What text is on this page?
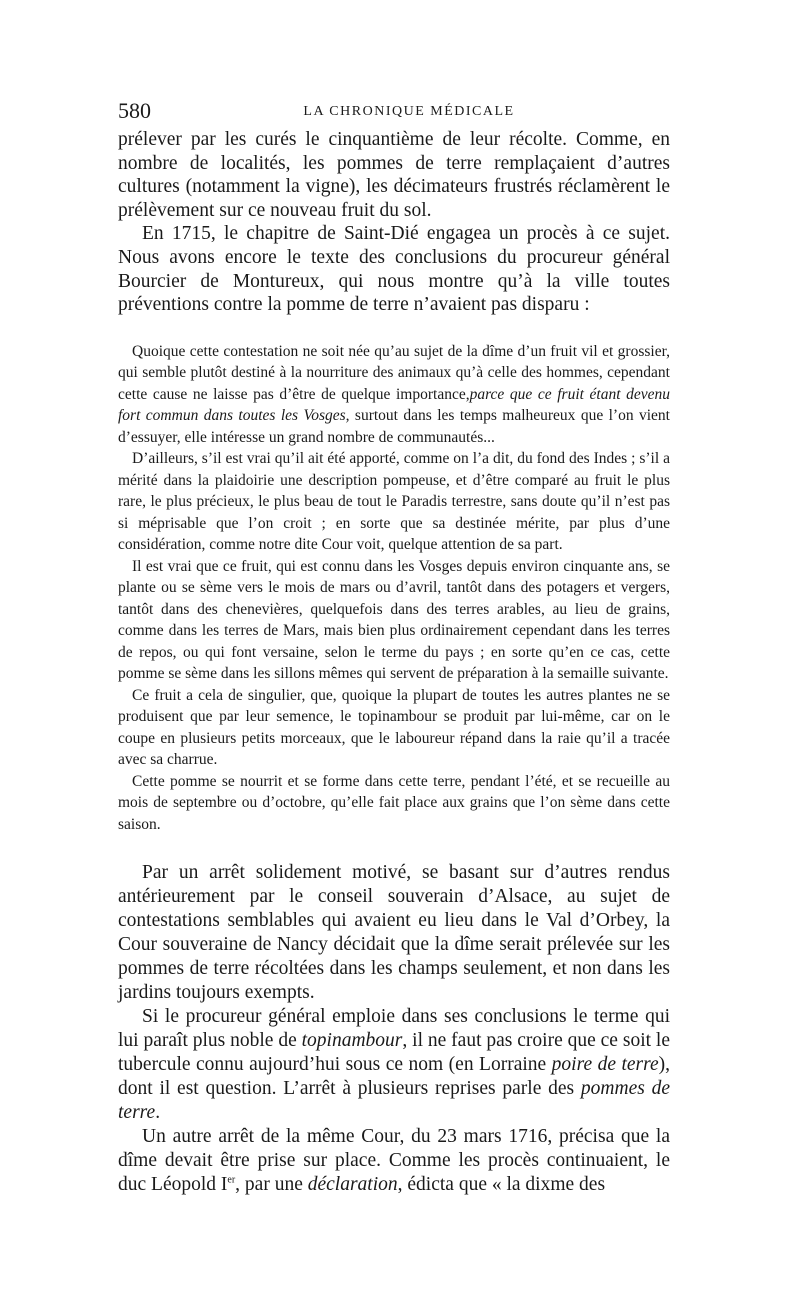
580	LA CHRONIQUE MÉDICALE

prélever par les curés le cinquantième de leur récolte. Comme, en nombre de localités, les pommes de terre remplaçaient d’autres cultures (notamment la vigne), les décimateurs frustrés réclamèrent le prélèvement sur ce nouveau fruit du sol.

En 1715, le chapitre de Saint-Dié engagea un procès à ce sujet. Nous avons encore le texte des conclusions du procureur général Bourcier de Montureux, qui nous montre qu’à la ville toutes préventions contre la pomme de terre n’avaient pas disparu :

Quoique cette contestation ne soit née qu’au sujet de la dîme d’un fruit vil et grossier, qui semble plutôt destiné à la nourriture des animaux qu’à celle des hommes, cependant cette cause ne laisse pas d’être de quelque importance,parce que ce fruit étant devenu fort commun dans toutes les Vosges, surtout dans les temps malheureux que l’on vient d’essuyer, elle intéresse un grand nombre de communautés...

D’ailleurs, s’il est vrai qu’il ait été apporté, comme on l’a dit, du fond des Indes ; s’il a mérité dans la plaidoirie une description pompeuse, et d’être comparé au fruit le plus rare, le plus précieux, le plus beau de tout le Paradis terrestre, sans doute qu’il n’est pas si méprisable que l’on croit ; en sorte que sa destinée mérite, par plus d’une considération, comme notre dite Cour voit, quelque attention de sa part.

Il est vrai que ce fruit, qui est connu dans les Vosges depuis environ cinquante ans, se plante ou se sème vers le mois de mars ou d’avril, tantôt dans des potagers et vergers, tantôt dans des chenevières, quelquefois dans des terres arables, au lieu de grains, comme dans les terres de Mars, mais bien plus ordinairement cependant dans les terres de repos, ou qui font versaine, selon le terme du pays ; en sorte qu’en ce cas, cette pomme se sème dans les sillons mêmes qui servent de préparation à la semaille suivante.

Ce fruit a cela de singulier, que, quoique la plupart de toutes les autres plantes ne se produisent que par leur semence, le topinambour se produit par lui-même, car on le coupe en plusieurs petits morceaux, que le laboureur répand dans la raie qu’il a tracée avec sa charrue.

Cette pomme se nourrit et se forme dans cette terre, pendant l’été, et se recueille au mois de septembre ou d’octobre, qu’elle fait place aux grains que l’on sème dans cette saison.

Par un arrêt solidement motivé, se basant sur d’autres rendus antérieurement par le conseil souverain d’Alsace, au sujet de contestations semblables qui avaient eu lieu dans le Val d’Orbey, la Cour souveraine de Nancy décidait que la dîme serait prélevée sur les pommes de terre récoltées dans les champs seulement, et non dans les jardins toujours exempts.

Si le procureur général emploie dans ses conclusions le terme qui lui paraît plus noble de topinambour, il ne faut pas croire que ce soit le tubercule connu aujourd’hui sous ce nom (en Lorraine poire de terre), dont il est question. L’arrêt à plusieurs reprises parle des pommes de terre.

Un autre arrêt de la même Cour, du 23 mars 1716, précisa que la dîme devait être prise sur place. Comme les procès continuaient, le duc Léopold Ier, par une déclaration, édicta que « la dixme des
